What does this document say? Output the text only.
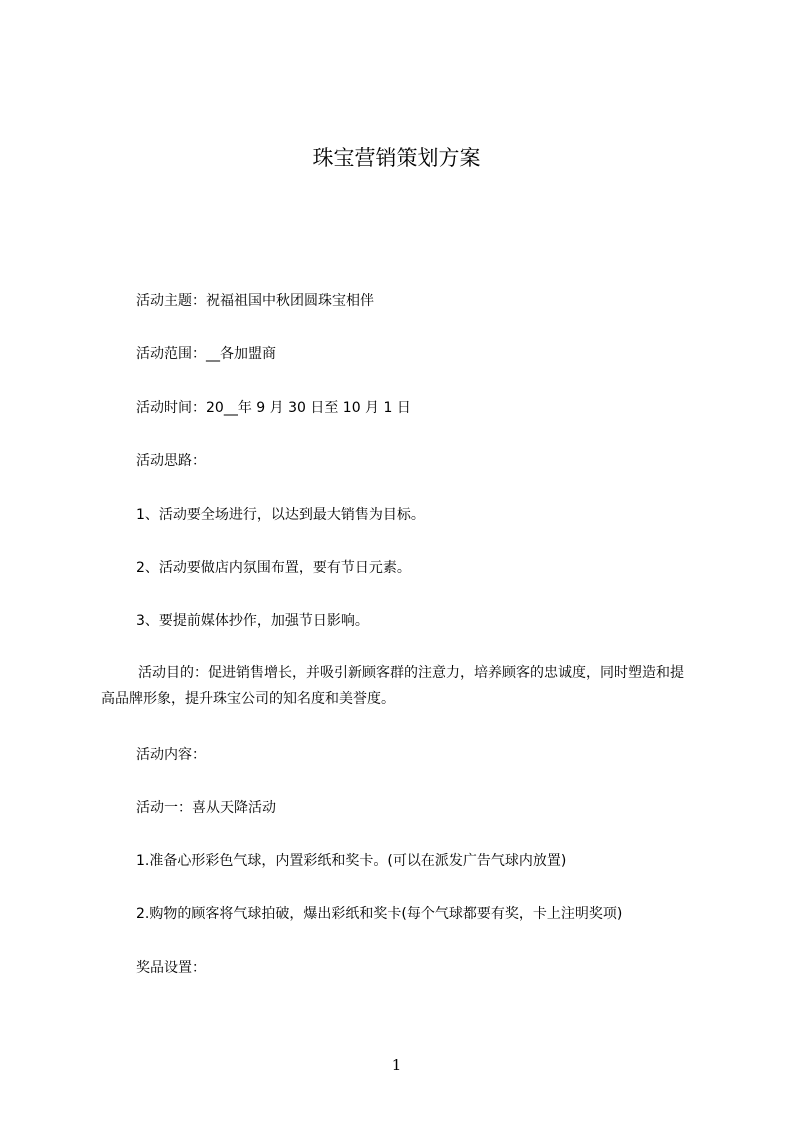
珠宝营销策划方案
活动主题：祝福祖国中秋团圆珠宝相伴
活动范围：__各加盟商
活动时间：20__年 9 月 30 日至 10 月 1 日
活动思路：
1、活动要全场进行，以达到最大销售为目标。
2、活动要做店内氛围布置，要有节日元素。
3、要提前媒体抄作，加强节日影响。
活动目的：促进销售增长，并吸引新顾客群的注意力，培养顾客的忠诚度，同时塑造和提高品牌形象，提升珠宝公司的知名度和美誉度。
活动内容：
活动一：喜从天降活动
1.准备心形彩色气球，内置彩纸和奖卡。(可以在派发广告气球内放置)
2.购物的顾客将气球拍破，爆出彩纸和奖卡(每个气球都要有奖，卡上注明奖项)
奖品设置：
1
